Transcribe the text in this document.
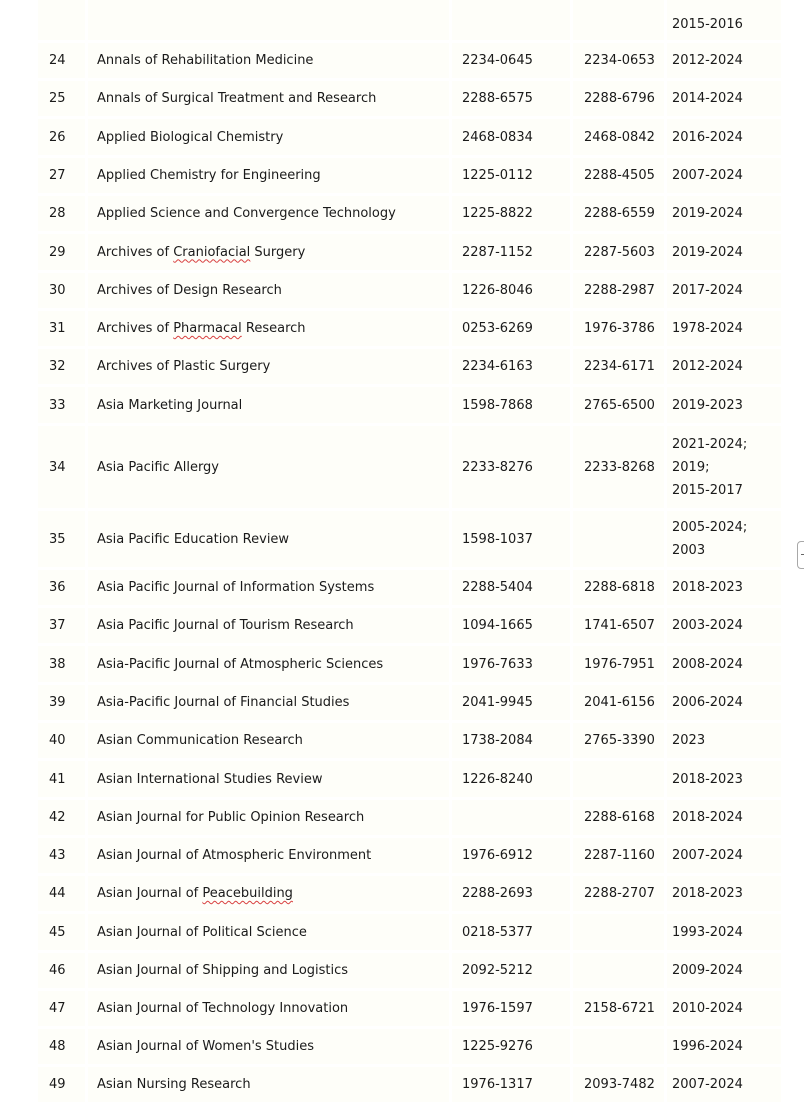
				2015-2016

24	Annals of Rehabilitation Medicine	2234-0645	2234-0653	2012-2024

25	Annals of Surgical Treatment and Research	2288-6575	2288-6796	2014-2024

26	Applied Biological Chemistry	2468-0834	2468-0842	2016-2024

27	Applied Chemistry for Engineering	1225-0112	2288-4505	2007-2024

28	Applied Science and Convergence Technology	1225-8822	2288-6559	2019-2024

29	Archives of Craniofacial Surgery	2287-1152	2287-5603	2019-2024

30	Archives of Design Research	1226-8046	2288-2987	2017-2024

31	Archives of Pharmacal Research	0253-6269	1976-3786	1978-2024

32	Archives of Plastic Surgery	2234-6163	2234-6171	2012-2024

33	Asia Marketing Journal	1598-7868	2765-6500	2019-2023

34	Asia Pacific Allergy	2233-8276	2233-8268	2021-2024;
2019;
2015-2017

35	Asia Pacific Education Review	1598-1037		2005-2024;
2003

36	Asia Pacific Journal of Information Systems	2288-5404	2288-6818	2018-2023

37	Asia Pacific Journal of Tourism Research	1094-1665	1741-6507	2003-2024

38	Asia-Pacific Journal of Atmospheric Sciences	1976-7633	1976-7951	2008-2024

39	Asia-Pacific Journal of Financial Studies	2041-9945	2041-6156	2006-2024

40	Asian Communication Research	1738-2084	2765-3390	2023

41	Asian International Studies Review	1226-8240		2018-2023

42	Asian Journal for Public Opinion Research		2288-6168	2018-2024

43	Asian Journal of Atmospheric Environment	1976-6912	2287-1160	2007-2024

44	Asian Journal of Peacebuilding	2288-2693	2288-2707	2018-2023

45	Asian Journal of Political Science	0218-5377		1993-2024

46	Asian Journal of Shipping and Logistics	2092-5212		2009-2024

47	Asian Journal of Technology Innovation	1976-1597	2158-6721	2010-2024

48	Asian Journal of Women's Studies	1225-9276		1996-2024

49	Asian Nursing Research	1976-1317	2093-7482	2007-2024
